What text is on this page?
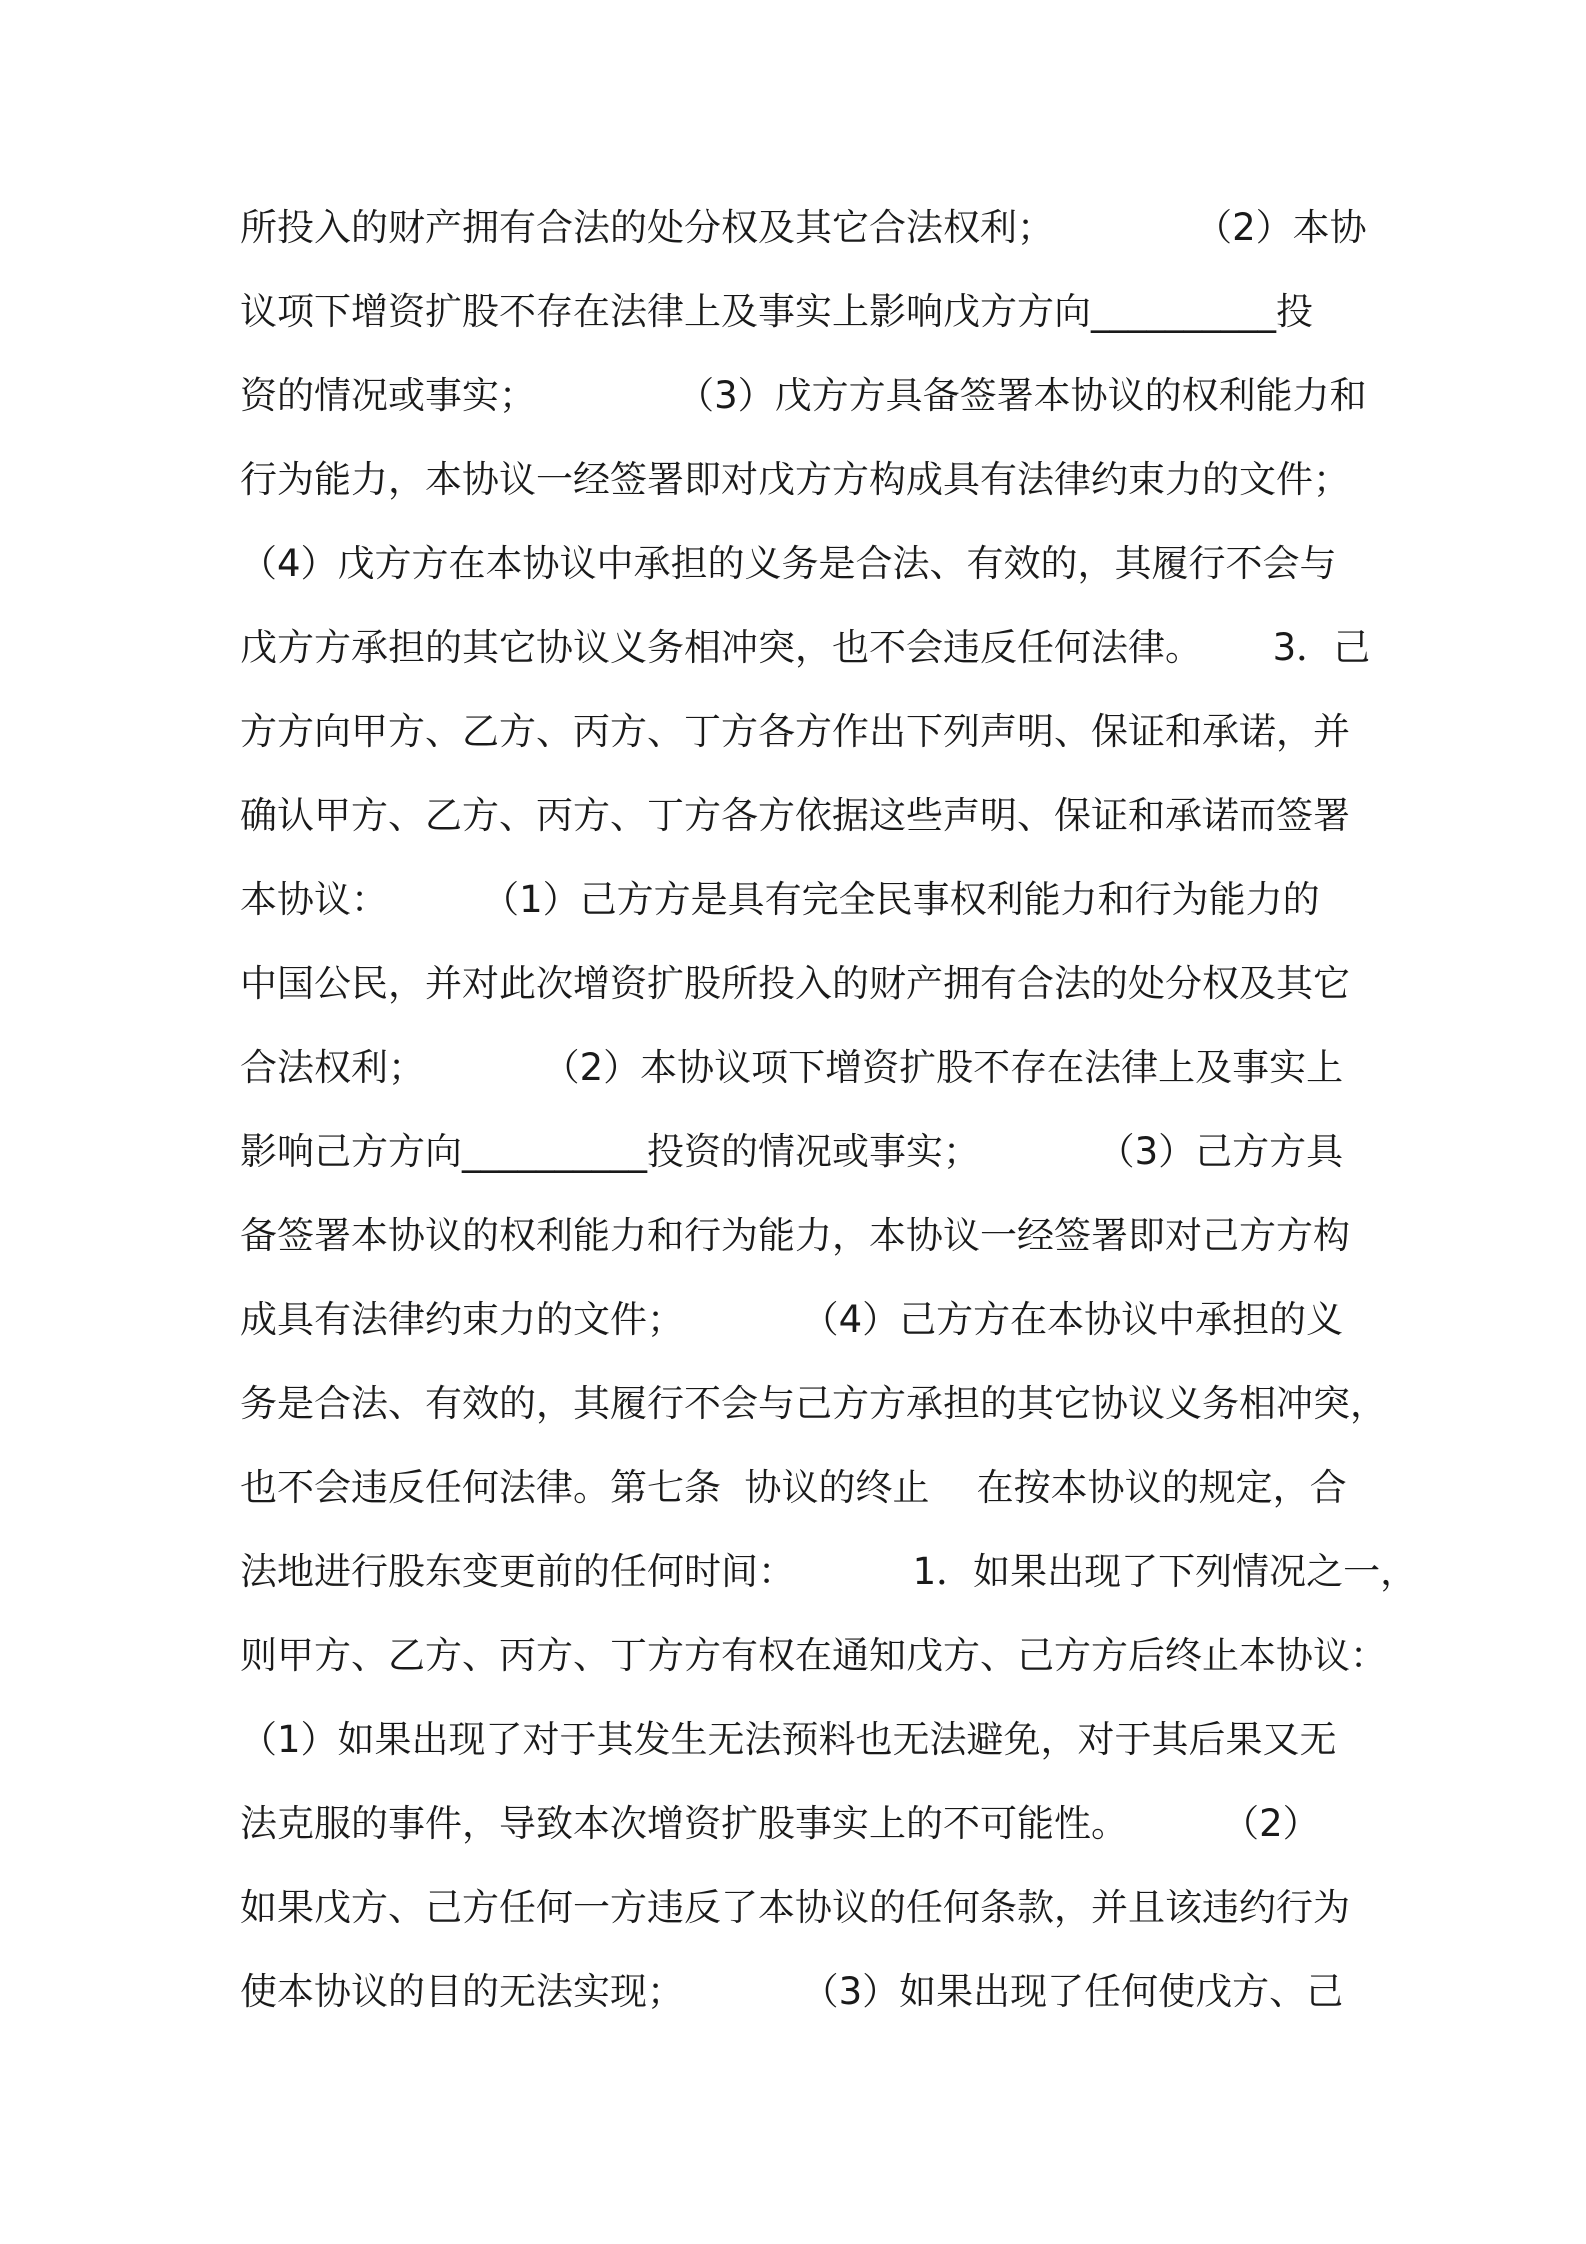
所投入的财产拥有合法的处分权及其它合法权利；            （2）本协
议项下增资扩股不存在法律上及事实上影响戊方方向__________投
资的情况或事实；            （3）戊方方具备签署本协议的权利能力和
行为能力，本协议一经签署即对戊方方构成具有法律约束力的文件；
（4）戊方方在本协议中承担的义务是合法、有效的，其履行不会与
戊方方承担的其它协议义务相冲突，也不会违反任何法律。      3．己
方方向甲方、乙方、丙方、丁方各方作出下列声明、保证和承诺，并
确认甲方、乙方、丙方、丁方各方依据这些声明、保证和承诺而签署
本协议：        （1）己方方是具有完全民事权利能力和行为能力的
中国公民，并对此次增资扩股所投入的财产拥有合法的处分权及其它
合法权利；          （2）本协议项下增资扩股不存在法律上及事实上
影响己方方向__________投资的情况或事实；          （3）己方方具
备签署本协议的权利能力和行为能力，本协议一经签署即对己方方构
成具有法律约束力的文件；          （4）己方方在本协议中承担的义
务是合法、有效的，其履行不会与己方方承担的其它协议义务相冲突，
也不会违反任何法律。第七条  协议的终止    在按本协议的规定，合
法地进行股东变更前的任何时间：          1．如果出现了下列情况之一，
则甲方、乙方、丙方、丁方方有权在通知戊方、己方方后终止本协议：
（1）如果出现了对于其发生无法预料也无法避免，对于其后果又无
法克服的事件，导致本次增资扩股事实上的不可能性。        （2）
如果戊方、己方任何一方违反了本协议的任何条款，并且该违约行为
使本协议的目的无法实现；          （3）如果出现了任何使戊方、己
